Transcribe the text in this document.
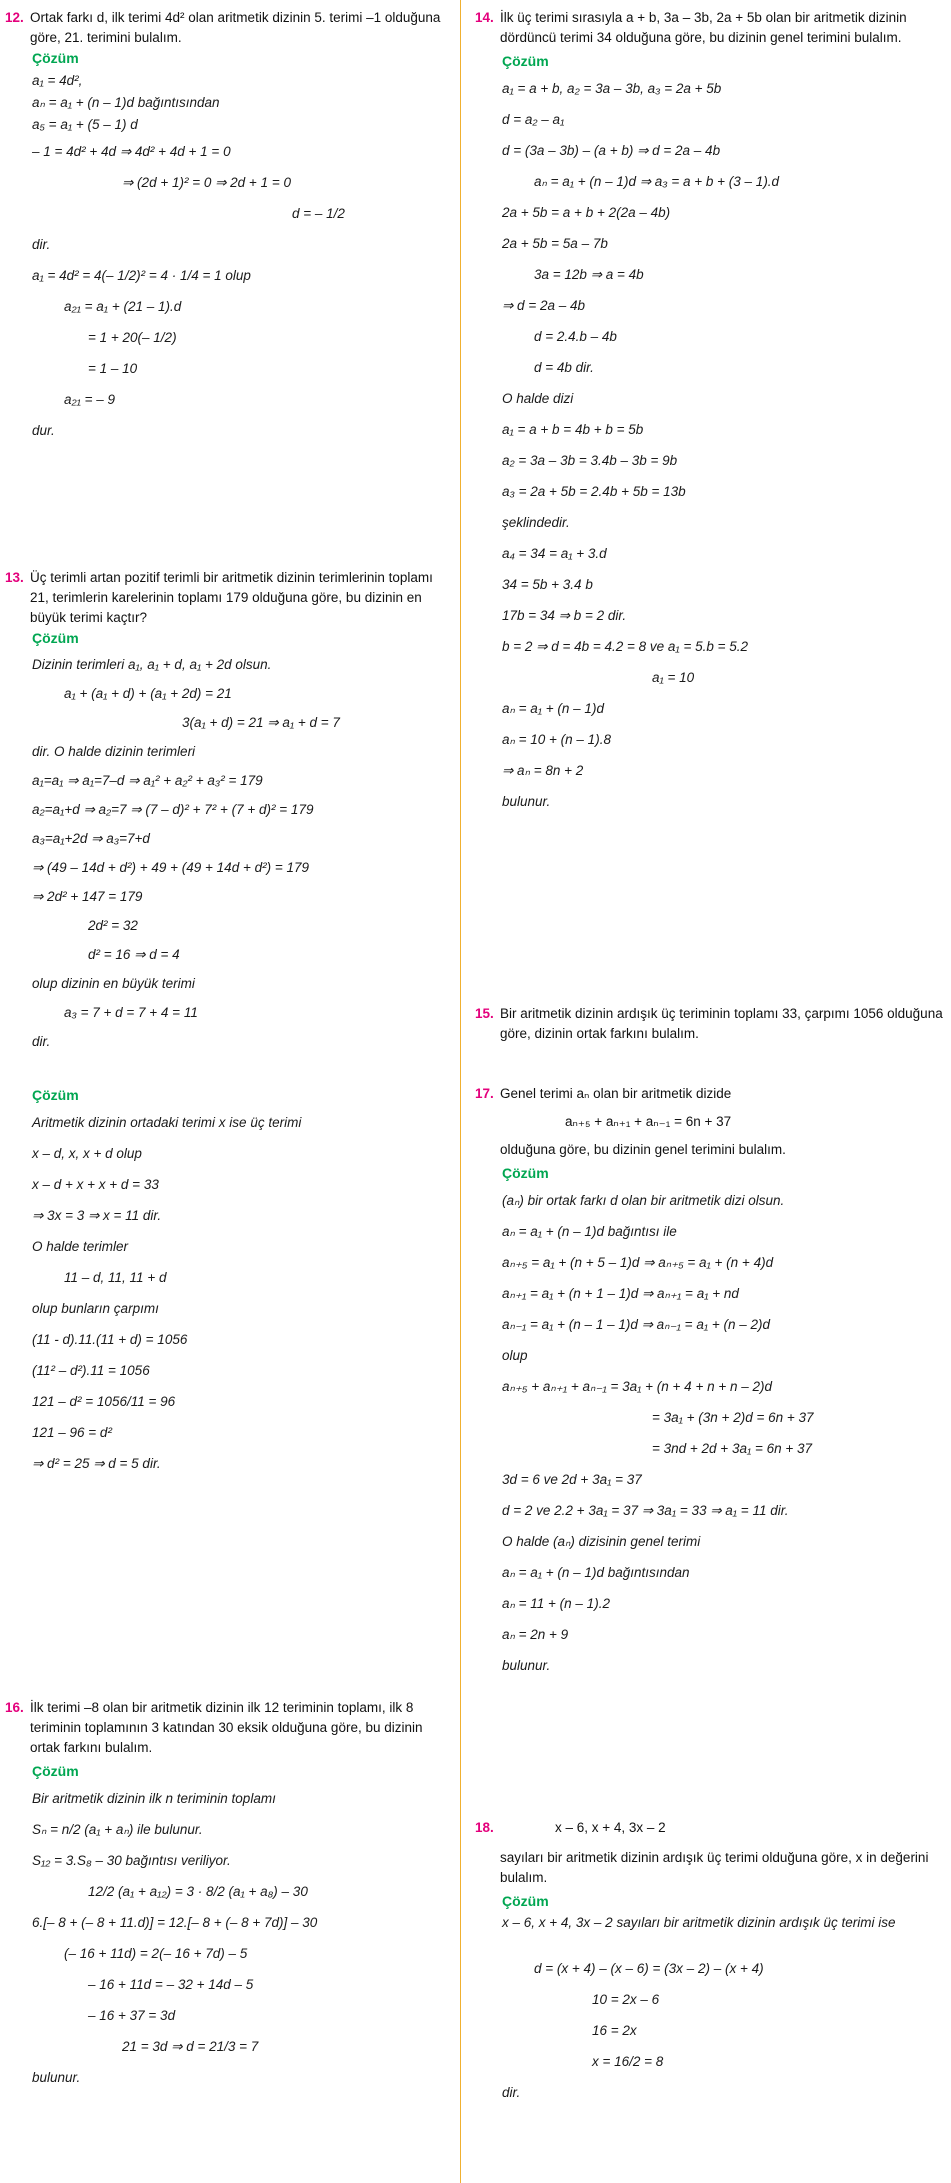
12. Ortak farkı d, ilk terimi 4d² olan aritmetik dizinin 5. terimi –1 olduğuna göre, 21. terimini bulalım.
Çözüm
a₁ = 4d²,
aₙ = a₁ + (n – 1)d bağıntısından
a₅ = a₁ + (5 – 1) d
– 1 = 4d² + 4d ⇒ 4d² + 4d + 1 = 0
⇒ (2d + 1)² = 0 ⇒ 2d + 1 = 0
d = – 1/2
dir.
a₁ = 4d² = 4(– 1/2)² = 4 · 1/4 = 1 olup
a₂₁ = a₁ + (21 – 1).d
= 1 + 20(– 1/2)
= 1 – 10
a₂₁ = – 9
dur.
13. Üç terimli artan pozitif terimli bir aritmetik dizinin terimlerinin toplamı 21, terimlerin karelerinin toplamı 179 olduğuna göre, bu dizinin en büyük terimi kaçtır?
Çözüm
Dizinin terimleri a₁, a₁ + d, a₁ + 2d olsun.
a₁ + (a₁ + d) + (a₁ + 2d) = 21
3(a₁ + d) = 21 ⇒ a₁ + d = 7
dir. O halde dizinin terimleri
a₁=a₁ ⇒ a₁=7–d ⇒ a₁² + a₂² + a₃² = 179
a₂=a₁+d ⇒ a₂=7 ⇒ (7 – d)² + 7² + (7 + d)² = 179
a₃=a₁+2d ⇒ a₃=7+d
⇒ (49 – 14d + d²) + 49 + (49 + 14d + d²) = 179
⇒ 2d² + 147 = 179
2d² = 32
d² = 16 ⇒ d = 4
olup dizinin en büyük terimi
a₃ = 7 + d = 7 + 4 = 11
dir.
Çözüm
Aritmetik dizinin ortadaki terimi x ise üç terimi
x – d, x, x + d olup
x – d + x + x + d = 33
⇒ 3x = 3 ⇒ x = 11 dir.
O halde terimler
11 – d, 11, 11 + d
olup bunların çarpımı
(11 - d).11.(11 + d) = 1056
(11² – d²).11 = 1056
121 – d² = 1056/11 = 96
121 – 96 = d²
⇒ d² = 25 ⇒ d = 5 dir.
16. İlk terimi –8 olan bir aritmetik dizinin ilk 12 teriminin toplamı, ilk 8 teriminin toplamının 3 katından 30 eksik olduğuna göre, bu dizinin ortak farkını bulalım.
Çözüm
Bir aritmetik dizinin ilk n teriminin toplamı
Sₙ = n/2 (a₁ + aₙ) ile bulunur.
S₁₂ = 3.S₈ – 30 bağıntısı veriliyor.
12/2 (a₁ + a₁₂) = 3 · 8/2 (a₁ + a₈) – 30
6.[– 8 + (– 8 + 11.d)] = 12.[– 8 + (– 8 + 7d)] – 30
(– 16 + 11d) = 2(– 16 + 7d) – 5
– 16 + 11d = – 32 + 14d – 5
– 16 + 37 = 3d
21 = 3d ⇒ d = 21/3 = 7
bulunur.
14. İlk üç terimi sırasıyla a + b, 3a – 3b, 2a + 5b olan bir aritmetik dizinin dördüncü terimi 34 olduğuna göre, bu dizinin genel terimini bulalım.
Çözüm
a₁ = a + b, a₂ = 3a – 3b, a₃ = 2a + 5b
d = a₂ – a₁
d = (3a – 3b) – (a + b) ⇒ d = 2a – 4b
aₙ = a₁ + (n – 1)d ⇒ a₃ = a + b + (3 – 1).d
2a + 5b = a + b + 2(2a – 4b)
2a + 5b = 5a – 7b
3a = 12b ⇒ a = 4b
⇒ d = 2a – 4b
d = 2.4.b – 4b
d = 4b dir.
O halde dizi
a₁ = a + b = 4b + b = 5b
a₂ = 3a – 3b = 3.4b – 3b = 9b
a₃ = 2a + 5b = 2.4b + 5b = 13b
şeklindedir.
a₄ = 34 = a₁ + 3.d
34 = 5b + 3.4 b
17b = 34 ⇒ b = 2 dir.
b = 2 ⇒ d = 4b = 4.2 = 8 ve a₁ = 5.b = 5.2
a₁ = 10
aₙ = a₁ + (n – 1)d
aₙ = 10 + (n – 1).8
⇒ aₙ = 8n + 2
bulunur.
15. Bir aritmetik dizinin ardışık üç teriminin toplamı 33, çarpımı 1056 olduğuna göre, dizinin ortak farkını bulalım.
17. Genel terimi aₙ olan bir aritmetik dizide
aₙ₊₅ + aₙ₊₁ + aₙ₋₁ = 6n + 37
olduğuna göre, bu dizinin genel terimini bulalım.
Çözüm
(aₙ) bir ortak farkı d olan bir aritmetik dizi olsun.
aₙ = a₁ + (n – 1)d bağıntısı ile
aₙ₊₅ = a₁ + (n + 5 – 1)d ⇒ aₙ₊₅ = a₁ + (n + 4)d
aₙ₊₁ = a₁ + (n + 1 – 1)d ⇒ aₙ₊₁ = a₁ + nd
aₙ₋₁ = a₁ + (n – 1 – 1)d ⇒ aₙ₋₁ = a₁ + (n – 2)d
olup
aₙ₊₅ + aₙ₊₁ + aₙ₋₁ = 3a₁ + (n + 4 + n + n – 2)d
= 3a₁ + (3n + 2)d = 6n + 37
= 3nd + 2d + 3a₁ = 6n + 37
3d = 6 ve 2d + 3a₁ = 37
d = 2 ve 2.2 + 3a₁ = 37 ⇒ 3a₁ = 33 ⇒ a₁ = 11 dir.
O halde (aₙ) dizisinin genel terimi
aₙ = a₁ + (n – 1)d bağıntısından
aₙ = 11 + (n – 1).2
aₙ = 2n + 9
bulunur.
18.	x – 6, x + 4, 3x – 2
sayıları bir aritmetik dizinin ardışık üç terimi olduğuna göre, x in değerini bulalım.
Çözüm
x – 6, x + 4, 3x – 2 sayıları bir aritmetik dizinin ardışık üç terimi ise
d = (x + 4) – (x – 6) = (3x – 2) – (x + 4)
10 = 2x – 6
16 = 2x
x = 16/2 = 8
dir.
